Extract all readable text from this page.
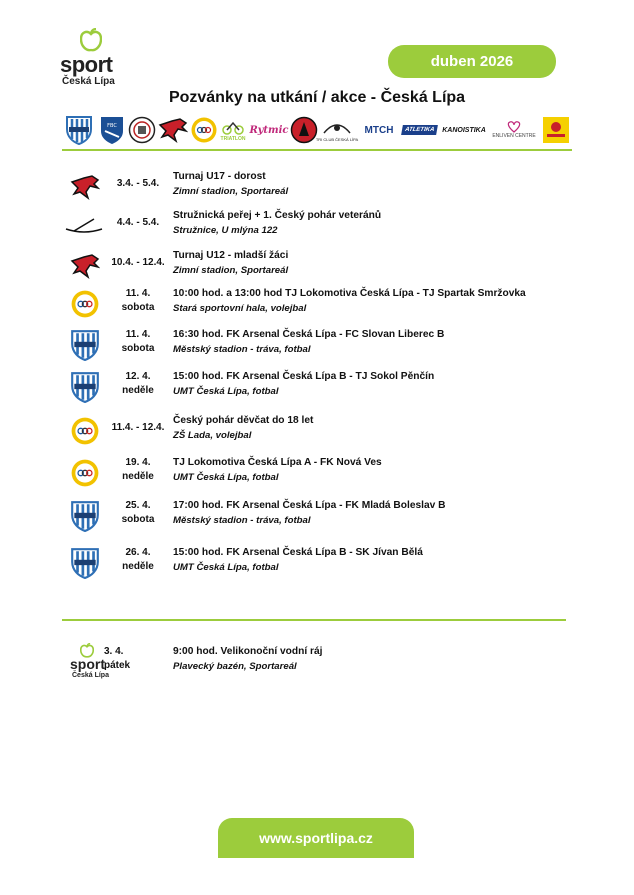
sport
Česká Lípa
duben 2026
Pozvánky na utkání / akce - Česká Lípa
FBC
TRIATLON
Rytmic
TRI CLUB ČESKÁ LÍPA
MTCH	ATLETIKA	KANOISTIKA
ENLIVEN CENTRE
3.4. - 5.4.
Turnaj U17 - dorost
Zimní stadion, Sportareál
4.4. - 5.4.
Stružnická peřej + 1. Český pohár veteránů
Stružnice, U mlýna 122
10.4. - 12.4.
Turnaj U12 - mladší žáci
Zimní stadion, Sportareál
11. 4.
sobota
10:00 hod. a 13:00 hod TJ Lokomotiva Česká Lípa - TJ Spartak Smržovka
Stará sportovní hala, volejbal
11. 4.
sobota
16:30 hod. FK Arsenal Česká Lípa - FC Slovan Liberec B
Městský stadion - tráva, fotbal
12. 4.
neděle
15:00 hod. FK Arsenal Česká Lípa B - TJ Sokol Pěnčín
UMT Česká Lípa, fotbal
11.4. - 12.4.
Český pohár děvčat do 18 let
ZŠ Lada, volejbal
19. 4.
neděle
TJ Lokomotiva Česká Lípa A - FK Nová Ves
UMT Česká Lípa, fotbal
25. 4.
sobota
17:00 hod. FK Arsenal Česká Lípa - FK Mladá Boleslav B
Městský stadion - tráva, fotbal
26. 4.
neděle
15:00 hod. FK Arsenal Česká Lípa B - SK Jívan Bělá
UMT Česká Lípa, fotbal
sport
Česká Lípa
3. 4.
pátek
9:00 hod. Velikonoční vodní ráj
Plavecký bazén, Sportareál
www.sportlipa.cz
